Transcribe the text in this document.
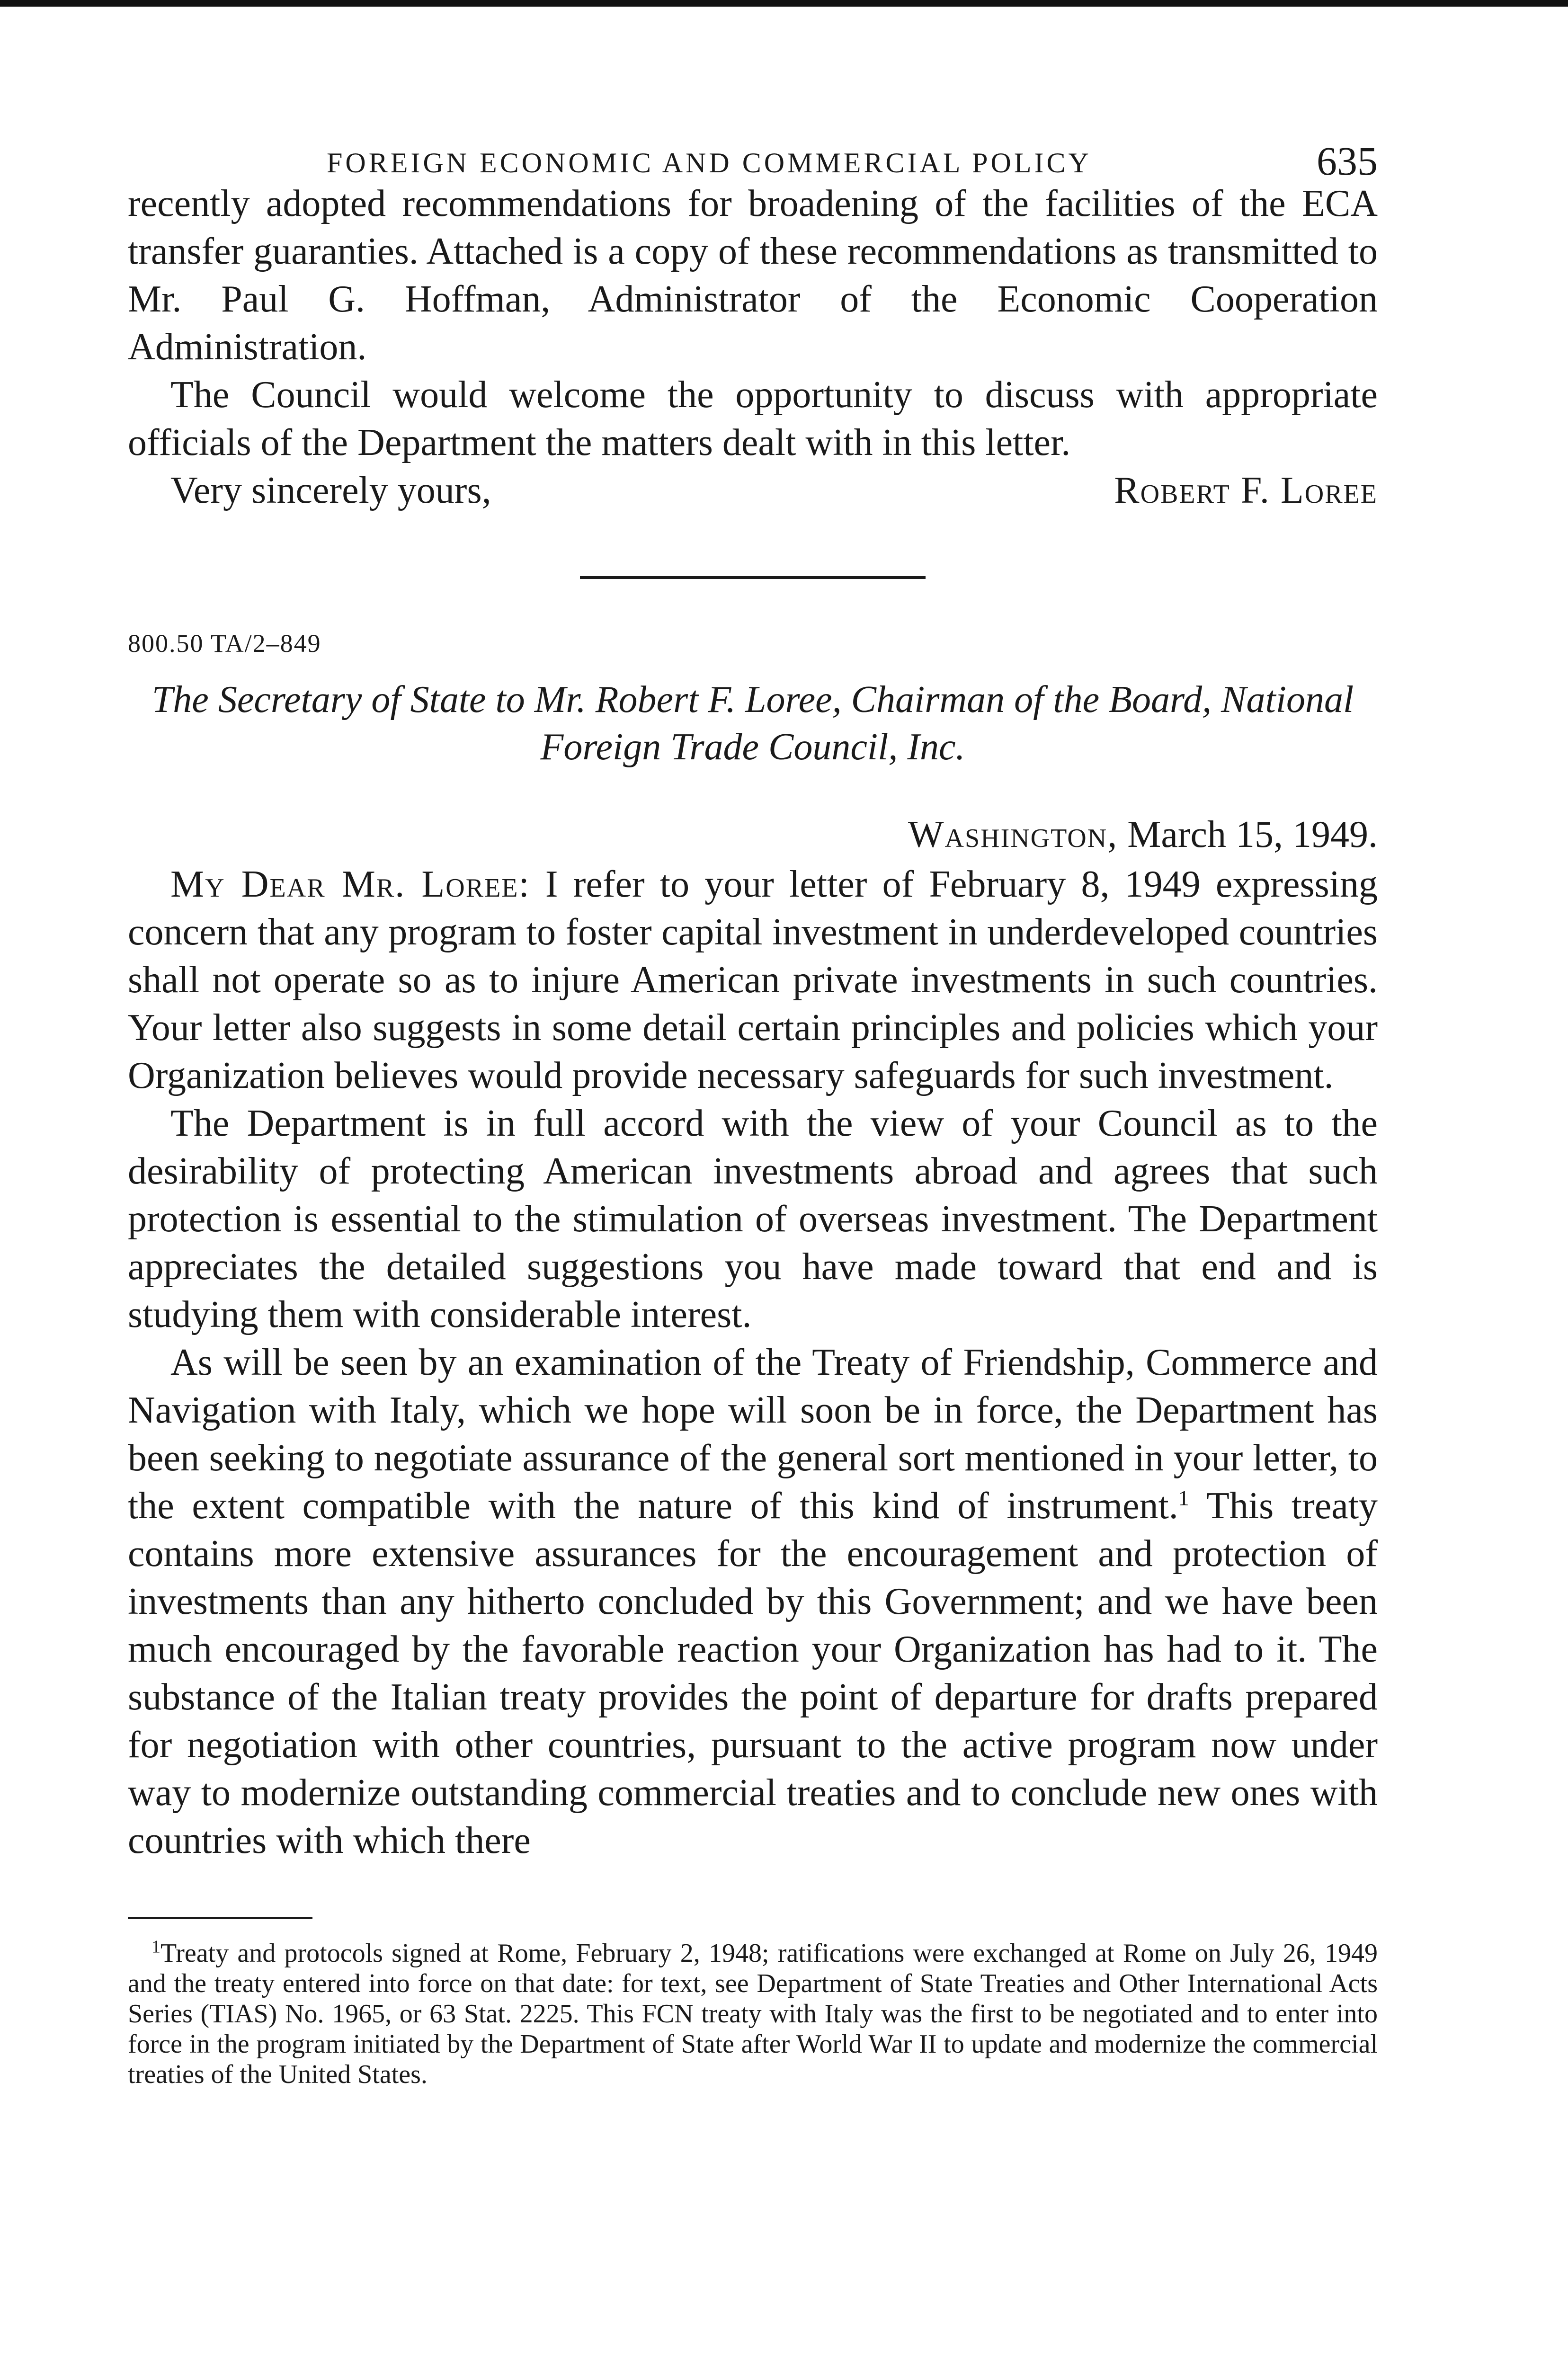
FOREIGN ECONOMIC AND COMMERCIAL POLICY	635

recently adopted recommendations for broadening of the facilities of the ECA transfer guaranties. Attached is a copy of these recommendations as transmitted to Mr. Paul G. Hoffman, Administrator of the Economic Cooperation Administration.

The Council would welcome the opportunity to discuss with appropriate officials of the Department the matters dealt with in this letter.

Very sincerely yours,	Robert F. Loree
800.50 TA/2–849
The Secretary of State to Mr. Robert F. Loree, Chairman of the Board, National Foreign Trade Council, Inc.
Washington, March 15, 1949.

My Dear Mr. Loree: I refer to your letter of February 8, 1949 expressing concern that any program to foster capital investment in underdeveloped countries shall not operate so as to injure American private investments in such countries. Your letter also suggests in some detail certain principles and policies which your Organization believes would provide necessary safeguards for such investment.

The Department is in full accord with the view of your Council as to the desirability of protecting American investments abroad and agrees that such protection is essential to the stimulation of overseas investment. The Department appreciates the detailed suggestions you have made toward that end and is studying them with considerable interest.

As will be seen by an examination of the Treaty of Friendship, Commerce and Navigation with Italy, which we hope will soon be in force, the Department has been seeking to negotiate assurance of the general sort mentioned in your letter, to the extent compatible with the nature of this kind of instrument.$^1$ This treaty contains more extensive assurances for the encouragement and protection of investments than any hitherto concluded by this Government; and we have been much encouraged by the favorable reaction your Organization has had to it. The substance of the Italian treaty provides the point of departure for drafts prepared for negotiation with other countries, pursuant to the active program now under way to modernize outstanding commercial treaties and to conclude new ones with countries with which there

$^1$Treaty and protocols signed at Rome, February 2, 1948; ratifications were exchanged at Rome on July 26, 1949 and the treaty entered into force on that date: for text, see Department of State Treaties and Other International Acts Series (TIAS) No. 1965, or 63 Stat. 2225. This FCN treaty with Italy was the first to be negotiated and to enter into force in the program initiated by the Department of State after World War II to update and modernize the commercial treaties of the United States.
